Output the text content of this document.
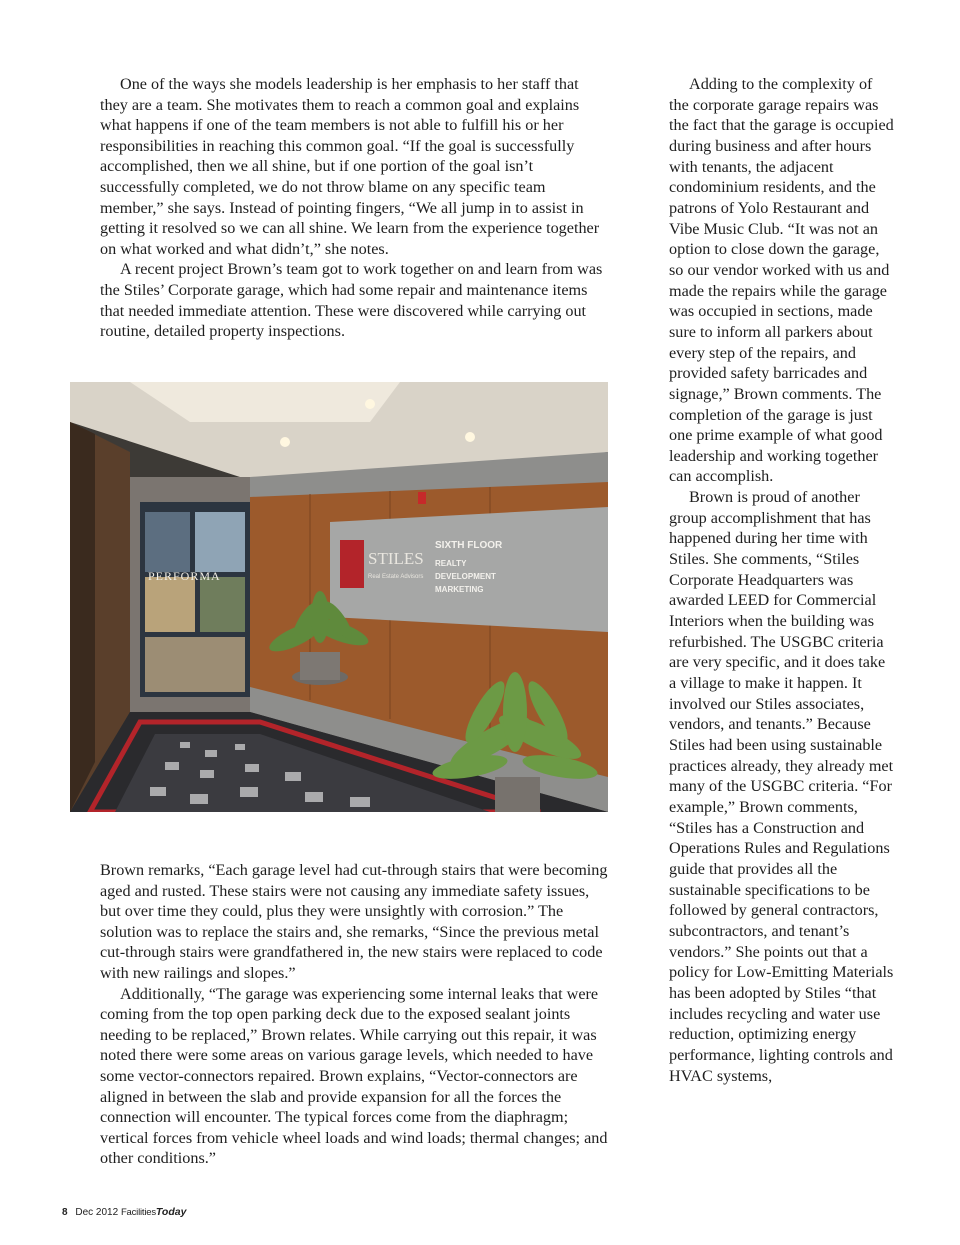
One of the ways she models leadership is her emphasis to her staff that they are a team. She motivates them to reach a common goal and explains what happens if one of the team members is not able to fulfill his or her responsibilities in reaching this common goal. “If the goal is successfully accomplished, then we all shine, but if one portion of the goal isn’t successfully completed, we do not throw blame on any specific team member,” she says. Instead of pointing fingers, “We all jump in to assist in getting it resolved so we can all shine. We learn from the experience together on what worked and what didn’t,” she notes.

A recent project Brown’s team got to work together on and learn from was the Stiles’ Corporate garage, which had some repair and maintenance items that needed immediate attention. These were discovered while carrying out routine, detailed property inspections.

PERFORMA
STILES
Real Estate Advisors
SIXTH FLOOR
REALTY
DEVELOPMENT
MARKETING

Brown remarks, “Each garage level had cut-through stairs that were becoming aged and rusted. These stairs were not causing any immediate safety issues, but over time they could, plus they were unsightly with corrosion.” The solution was to replace the stairs and, she remarks, “Since the previous metal cut-through stairs were grandfathered in, the new stairs were replaced to code with new railings and slopes.”

Additionally, “The garage was experiencing some internal leaks that were coming from the top open parking deck due to the exposed sealant joints needing to be replaced,” Brown relates. While carrying out this repair, it was noted there were some areas on various garage levels, which needed to have some vector-connectors repaired. Brown explains, “Vector-connectors are aligned in between the slab and provide expansion for all the forces the connection will encounter. The typical forces come from the diaphragm; vertical forces from vehicle wheel loads and wind loads; thermal changes; and other conditions.”

Adding to the complexity of the corporate garage repairs was the fact that the garage is occupied during business and after hours with tenants, the adjacent condominium residents, and the patrons of Yolo Restaurant and Vibe Music Club. “It was not an option to close down the garage, so our vendor worked with us and made the repairs while the garage was occupied in sections, made sure to inform all parkers about every step of the repairs, and provided safety barricades and signage,” Brown comments. The completion of the garage is just one prime example of what good leadership and working together can accomplish.

Brown is proud of another group accomplishment that has happened during her time with Stiles. She comments, “Stiles Corporate Headquarters was awarded LEED for Commercial Interiors when the building was refurbished. The USGBC criteria are very specific, and it does take a village to make it happen. It involved our Stiles associates, vendors, and tenants.” Because Stiles had been using sustainable practices already, they already met many of the USGBC criteria. “For example,” Brown comments, “Stiles has a Construction and Operations Rules and Regulations guide that provides all the sustainable specifications to be followed by general contractors, subcontractors, and tenant’s vendors.” She points out that a policy for Low-Emitting Materials has been adopted by Stiles “that includes recycling and water use reduction, optimizing energy performance, lighting controls and HVAC systems,

8 Dec 2012 FacilitiesToday
